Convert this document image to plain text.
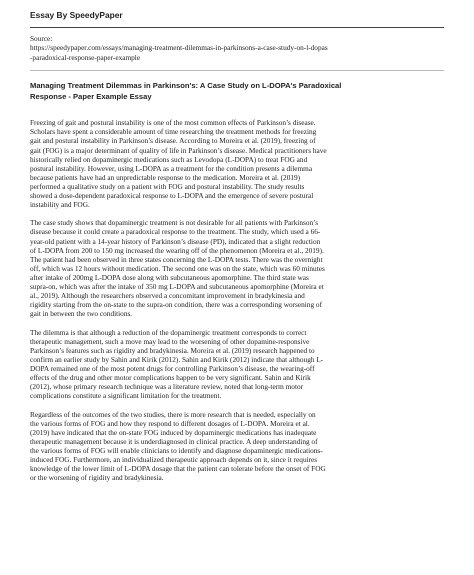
Essay By SpeedyPaper
Source:
https://speedypaper.com/essays/managing-treatment-dilemmas-in-parkinsons-a-case-study-on-l-dopas
-paradoxical-response-paper-example
Managing Treatment Dilemmas in Parkinson's: A Case Study on L-DOPA's Paradoxical
Response - Paper Example Essay

Freezing of gait and postural instability is one of the most common effects of Parkinson’s disease.
Scholars have spent a considerable amount of time researching the treatment methods for freezing
gait and postural instability in Parkinson’s disease. According to Moreira et al. (2019), freezing of
gait (FOG) is a major determinant of quality of life in Parkinson’s disease. Medical practitioners have
historically relied on dopaminergic medications such as Levodopa (L-DOPA) to treat FOG and
postural instability. However, using L-DOPA as a treatment for the condition presents a dilemma
because patients have had an unpredictable response to the medication. Moreira et al. (2019)
performed a qualitative study on a patient with FOG and postural instability. The study results
showed a dose-dependent paradoxical response to L-DOPA and the emergence of severe postural
instability and FOG.

The case study shows that dopaminergic treatment is not desirable for all patients with Parkinson’s
disease because it could create a paradoxical response to the treatment. The study, which used a 66-
year-old patient with a 14-year history of Parkinson’s disease (PD), indicated that a slight reduction
of L-DOPA from 200 to 150 mg increased the wearing off of the phenomenon (Moreira et al., 2019).
The patient had been observed in three states concerning the L-DOPA tests. There was the overnight
off, which was 12 hours without medication. The second one was on the state, which was 60 minutes
after intake of 200mg L-DOPA dose along with subcutaneous apomorphine. The third state was
supra-on, which was after the intake of 350 mg L-DOPA and subcutaneous apomorphine (Moreira et
al., 2019). Although the researchers observed a concomitant improvement in bradykinesia and
rigidity starting from the on-state to the supra-on condition, there was a corresponding worsening of
gait in between the two conditions.

The dilemma is that although a reduction of the dopaminergic treatment corresponds to correct
therapeutic management, such a move may lead to the worsening of other dopamine-responsive
Parkinson’s features such as rigidity and bradykinesia. Moreira et al. (2019) research happened to
confirm an earlier study by Sahin and Kirik (2012). Sahin and Kirik (2012) indicate that although L-
DOPA remained one of the most potent drugs for controlling Parkinson’s disease, the wearing-off
effects of the drug and other motor complications happen to be very significant. Sahin and Kirik
(2012), whose primary research technique was a literature review, noted that long-term motor
complications constitute a significant limitation for the treatment.

Regardless of the outcomes of the two studies, there is more research that is needed, especially on
the various forms of FOG and how they respond to different dosages of L-DOPA. Moreira et al.
(2019) have indicated that the on-state FOG induced by dopaminergic medications has inadequate
therapeutic management because it is underdiagnosed in clinical practice. A deep understanding of
the various forms of FOG will enable clinicians to identify and diagnose dopaminergic medications-
induced FOG. Furthermore, an individualized therapeutic approach depends on it, since it requires
knowledge of the lower limit of L-DOPA dosage that the patient can tolerate before the onset of FOG
or the worsening of rigidity and bradykinesia.
